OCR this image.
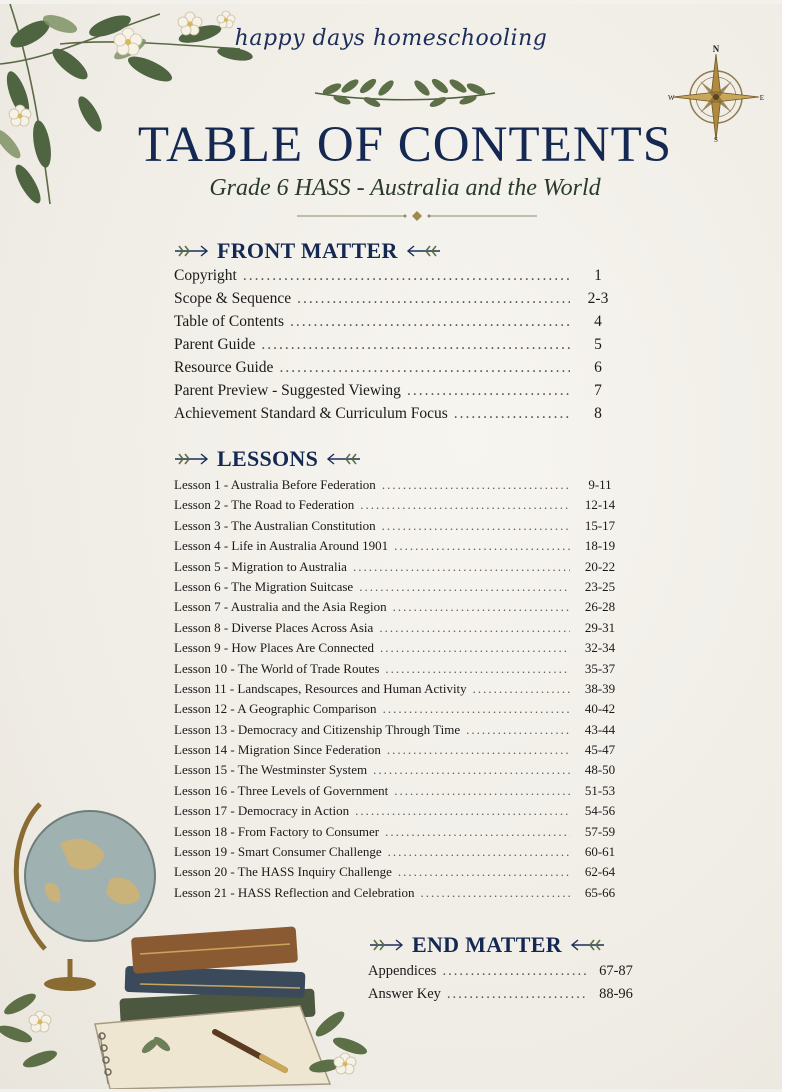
happy days homeschooling	N
E
W
S
TABLE OF CONTENTS
Grade 6 HASS - Australia and the World
FRONT MATTER
Copyright .....	1
Scope & Sequence .....	2-3
Table of Contents .....	4
Parent Guide .....	5
Resource Guide .....	6
Parent Preview - Suggested Viewing .....	7
Achievement Standard & Curriculum Focus .....	8
LESSONS
Lesson 1 - Australia Before Federation .....	9-11
Lesson 2 - The Road to Federation .....	12-14
Lesson 3 - The Australian Constitution .....	15-17
Lesson 4 - Life in Australia Around 1901 .....	18-19
Lesson 5 - Migration to Australia .....	20-22
Lesson 6 - The Migration Suitcase .....	23-25
Lesson 7 - Australia and the Asia Region .....	26-28
Lesson 8 - Diverse Places Across Asia .....	29-31
Lesson 9 - How Places Are Connected .....	32-34
Lesson 10 - The World of Trade Routes .....	35-37
Lesson 11 - Landscapes, Resources and Human Activity .....	38-39
Lesson 12 - A Geographic Comparison .....	40-42
Lesson 13 - Democracy and Citizenship Through Time .....	43-44
Lesson 14 - Migration Since Federation .....	45-47
Lesson 15 - The Westminster System .....	48-50
Lesson 16 - Three Levels of Government .....	51-53
Lesson 17 - Democracy in Action .....	54-56
Lesson 18 - From Factory to Consumer .....	57-59
Lesson 19 - Smart Consumer Challenge .....	60-61
Lesson 20 - The HASS Inquiry Challenge .....	62-64
Lesson 21 - HASS Reflection and Celebration .....	65-66
END MATTER
Appendices .....	67-87
Answer Key .....	88-96
